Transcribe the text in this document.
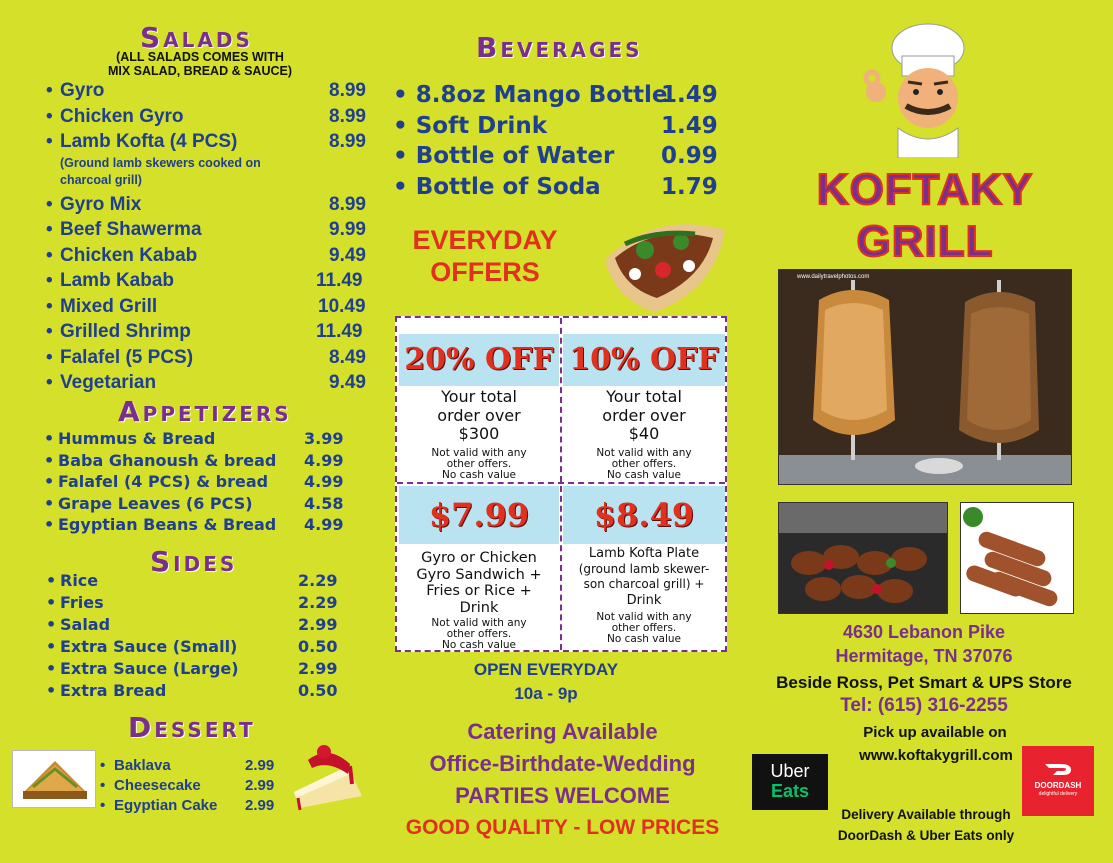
Salads
(ALL SALADS COMES WITH
MIX SALAD, BREAD & SAUCE)
• Gyro	8.99
• Chicken Gyro	8.99
• Lamb Kofta (4 PCS)	8.99
(Ground lamb skewers cooked on
charcoal grill)
• Gyro Mix	8.99
• Beef Shawerma	9.99
• Chicken Kabab	9.49
• Lamb Kabab	11.49
• Mixed Grill	10.49
• Grilled Shrimp	11.49
• Falafel (5 PCS)	8.49
• Vegetarian	9.49
Appetizers
• Hummus & Bread	3.99
• Baba Ghanoush & bread 4.99
• Falafel (4 PCS) & bread 4.99
• Grape Leaves (6 PCS)	4.58
• Egyptian Beans & Bread 4.99
Sides
• Rice	2.29
• Fries	2.29
• Salad	2.99
• Extra Sauce (Small)	0.50
• Extra Sauce (Large)	2.99
• Extra Bread	0.50
Dessert
• Baklava	2.99
• Cheesecake	2.99
• Egyptian Cake 2.99
Beverages
• 8.8oz Mango Bottle
1.49
• Soft Drink	1.49
• Bottle of Water 0.99
• Bottle of Soda	1.79
EVERYDAY
OFFERS
20% OFF
Your total
order over
$300
Not valid with any
other offers.
No cash value
10% OFF
Your total
order over
$40
Not valid with any
other offers.
No cash value
$7.99
Gyro or Chicken
Gyro Sandwich +
Fries or Rice +
Drink
Not valid with any
other offers.
No cash value
$8.49
Lamb Kofta Plate
(ground lamb skewer-
son charcoal grill) +
Drink
Not valid with any
other offers.
No cash value
OPEN EVERYDAY
10a - 9p
Catering Available
Office-Birthdate-Wedding
PARTIES WELCOME
GOOD QUALITY - LOW PRICES
KOFTAKY
GRILL
www.dailytravelphotos.com
4630 Lebanon Pike
Hermitage, TN 37076
Beside Ross, Pet Smart & UPS Store
Tel: (615) 316-2255
Pick up available on
www.koftakygrill.com
Uber
Eats	DOORDASH
delightful delivery
Delivery Available through
DoorDash & Uber Eats only
